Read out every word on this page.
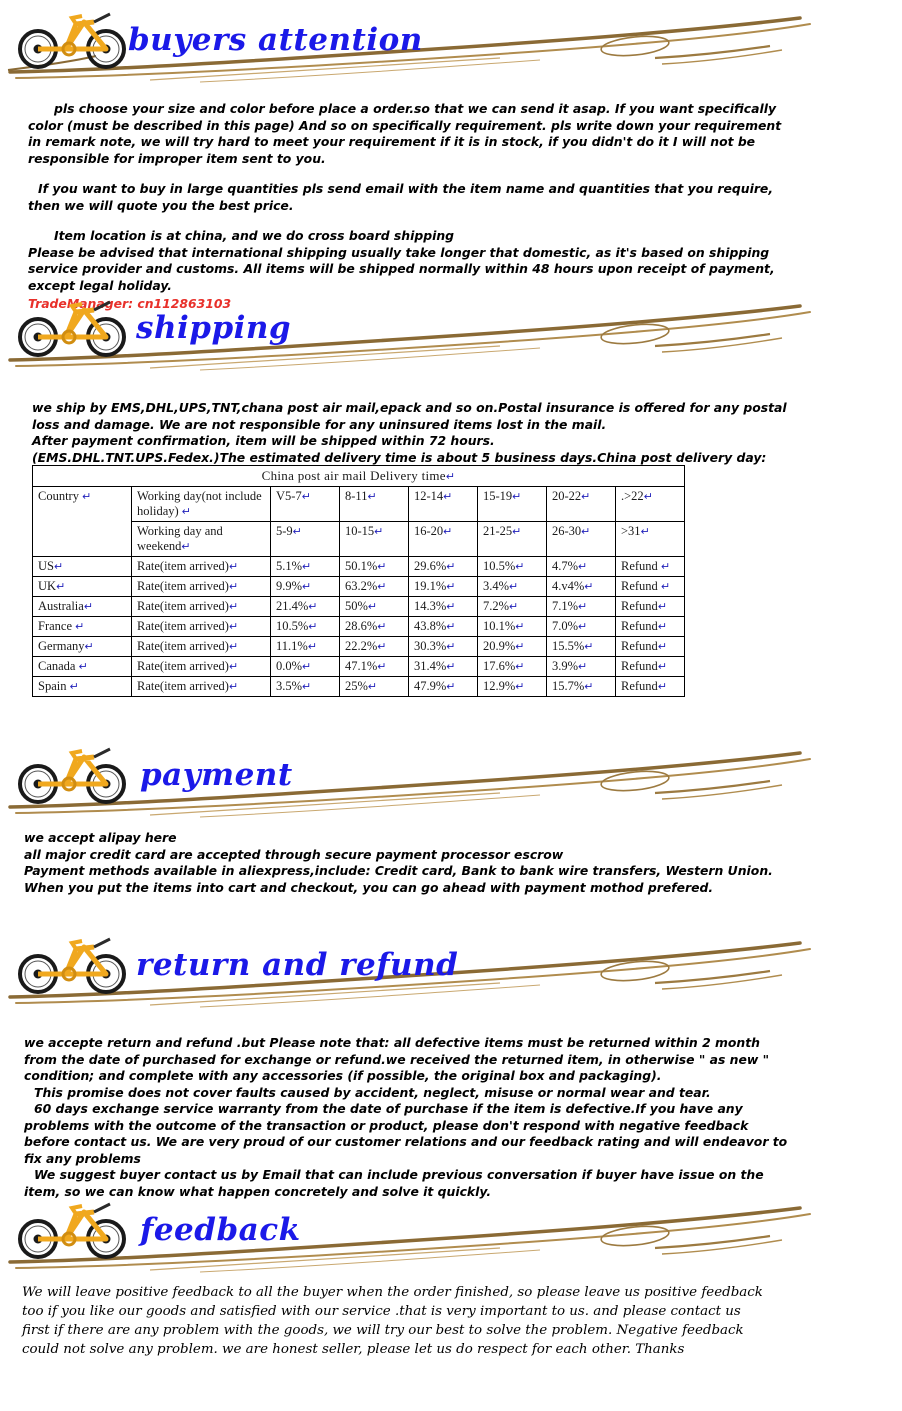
buyers attention

pls choose your size and color before place a order.so that we can send it asap. If you want specifically color (must be described in this page) And so on specifically requirement. pls write down your requirement in remark note, we will try hard to meet your requirement if it is in stock, if you didn't do it I will not be responsible for improper item sent to you.

If you want to buy in large quantities pls send email with the item name and quantities that you require, then we will quote you the best price.

Item location is at china, and we do cross board shipping

Please be advised that international shipping usually take longer that domestic, as it's based on shipping service provider and customs. All items will be shipped normally within 48 hours upon receipt of payment, except legal holiday.

TradeManager: cn112863103

shipping

we ship by EMS,DHL,UPS,TNT,chana post air mail,epack and so on.Postal insurance is offered for any postal loss and damage. We are not responsible for any uninsured items lost in the mail.

After payment confirmation, item will be shipped within 72 hours.

(EMS.DHL.TNT.UPS.Fedex.)The estimated delivery time is about 5 business days.China post delivery day:

China post air mail Delivery time↵							
Country ↵	Working day(not include holiday) ↵	V5-7↵	8-11↵	12-14↵	15-19↵	20-22↵	.>22↵
	Working day and weekend↵	5-9↵	10-15↵	16-20↵	21-25↵	26-30↵	>31↵
US↵	Rate(item arrived)↵	5.1%↵	50.1%↵	29.6%↵	10.5%↵	4.7%↵	Refund ↵
UK↵	Rate(item arrived)↵	9.9%↵	63.2%↵	19.1%↵	3.4%↵	4.v4%↵	Refund ↵
Australia↵	Rate(item arrived)↵	21.4%↵	50%↵	14.3%↵	7.2%↵	7.1%↵	Refund↵
France ↵	Rate(item arrived)↵	10.5%↵	28.6%↵	43.8%↵	10.1%↵	7.0%↵	Refund↵
Germany↵	Rate(item arrived)↵	11.1%↵	22.2%↵	30.3%↵	20.9%↵	15.5%↵	Refund↵
Canada ↵	Rate(item arrived)↵	0.0%↵	47.1%↵	31.4%↵	17.6%↵	3.9%↵	Refund↵
Spain ↵	Rate(item arrived)↵	3.5%↵	25%↵	47.9%↵	12.9%↵	15.7%↵	Refund↵
payment

we accept alipay here

all major credit card are accepted through secure payment processor escrow

Payment methods available in aliexpress,include: Credit card, Bank to bank wire transfers, Western Union. When you put the items into cart and checkout, you can go ahead with payment mothod prefered.

return and refund

we accepte return and refund .but Please note that: all defective items must be returned within 2 month from the date of purchased for exchange or refund.we received the returned item, in otherwise " as new " condition; and complete with any accessories (if possible, the original box and packaging).

This promise does not cover faults caused by accident, neglect, misuse or normal wear and tear.

60 days exchange service warranty from the date of purchase if the item is defective.If you have any problems with the outcome of the transaction or product, please don't respond with negative feedback before contact us. We are very proud of our customer relations and our feedback rating and will endeavor to fix any problems

We suggest buyer contact us by Email that can include previous conversation if buyer have issue on the item, so we can know what happen concretely and solve it quickly.

feedback

We will leave positive feedback to all the buyer when the order finished, so please leave us positive feedback too if you like our goods and satisfied with our service .that is very important to us. and please contact us first if there are any problem with the goods, we will try our best to solve the problem. Negative feedback could not solve any problem. we are honest seller, please let us do respect for each other. Thanks
